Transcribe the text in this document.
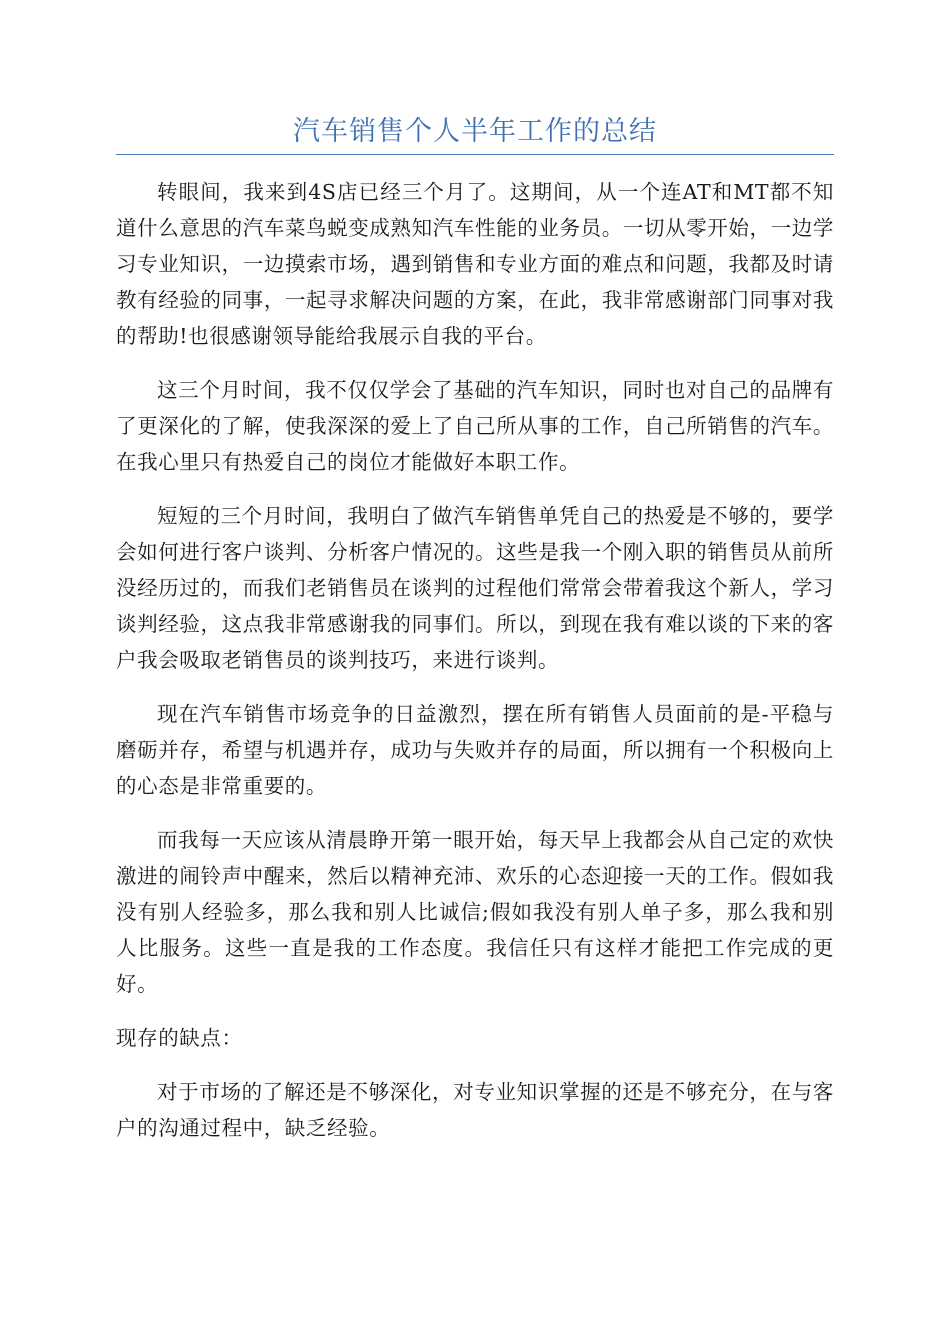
汽车销售个人半年工作的总结

转眼间，我来到4S店已经三个月了。这期间，从一个连AT和MT都不知道什么意思的汽车菜鸟蜕变成熟知汽车性能的业务员。一切从零开始，一边学习专业知识，一边摸索市场，遇到销售和专业方面的难点和问题，我都及时请教有经验的同事，一起寻求解决问题的方案，在此，我非常感谢部门同事对我的帮助!也很感谢领导能给我展示自我的平台。

这三个月时间，我不仅仅学会了基础的汽车知识，同时也对自己的品牌有了更深化的了解，使我深深的爱上了自己所从事的工作，自己所销售的汽车。在我心里只有热爱自己的岗位才能做好本职工作。

短短的三个月时间，我明白了做汽车销售单凭自己的热爱是不够的，要学会如何进行客户谈判、分析客户情况的。这些是我一个刚入职的销售员从前所没经历过的，而我们老销售员在谈判的过程他们常常会带着我这个新人，学习谈判经验，这点我非常感谢我的同事们。所以，到现在我有难以谈的下来的客户我会吸取老销售员的谈判技巧，来进行谈判。

现在汽车销售市场竞争的日益激烈，摆在所有销售人员面前的是-平稳与磨砺并存，希望与机遇并存，成功与失败并存的局面，所以拥有一个积极向上的心态是非常重要的。

而我每一天应该从清晨睁开第一眼开始，每天早上我都会从自己定的欢快激进的闹铃声中醒来，然后以精神充沛、欢乐的心态迎接一天的工作。假如我没有别人经验多，那么我和别人比诚信;假如我没有别人单子多，那么我和别人比服务。这些一直是我的工作态度。我信任只有这样才能把工作完成的更好。

现存的缺点：

对于市场的了解还是不够深化，对专业知识掌握的还是不够充分，在与客户的沟通过程中，缺乏经验。
